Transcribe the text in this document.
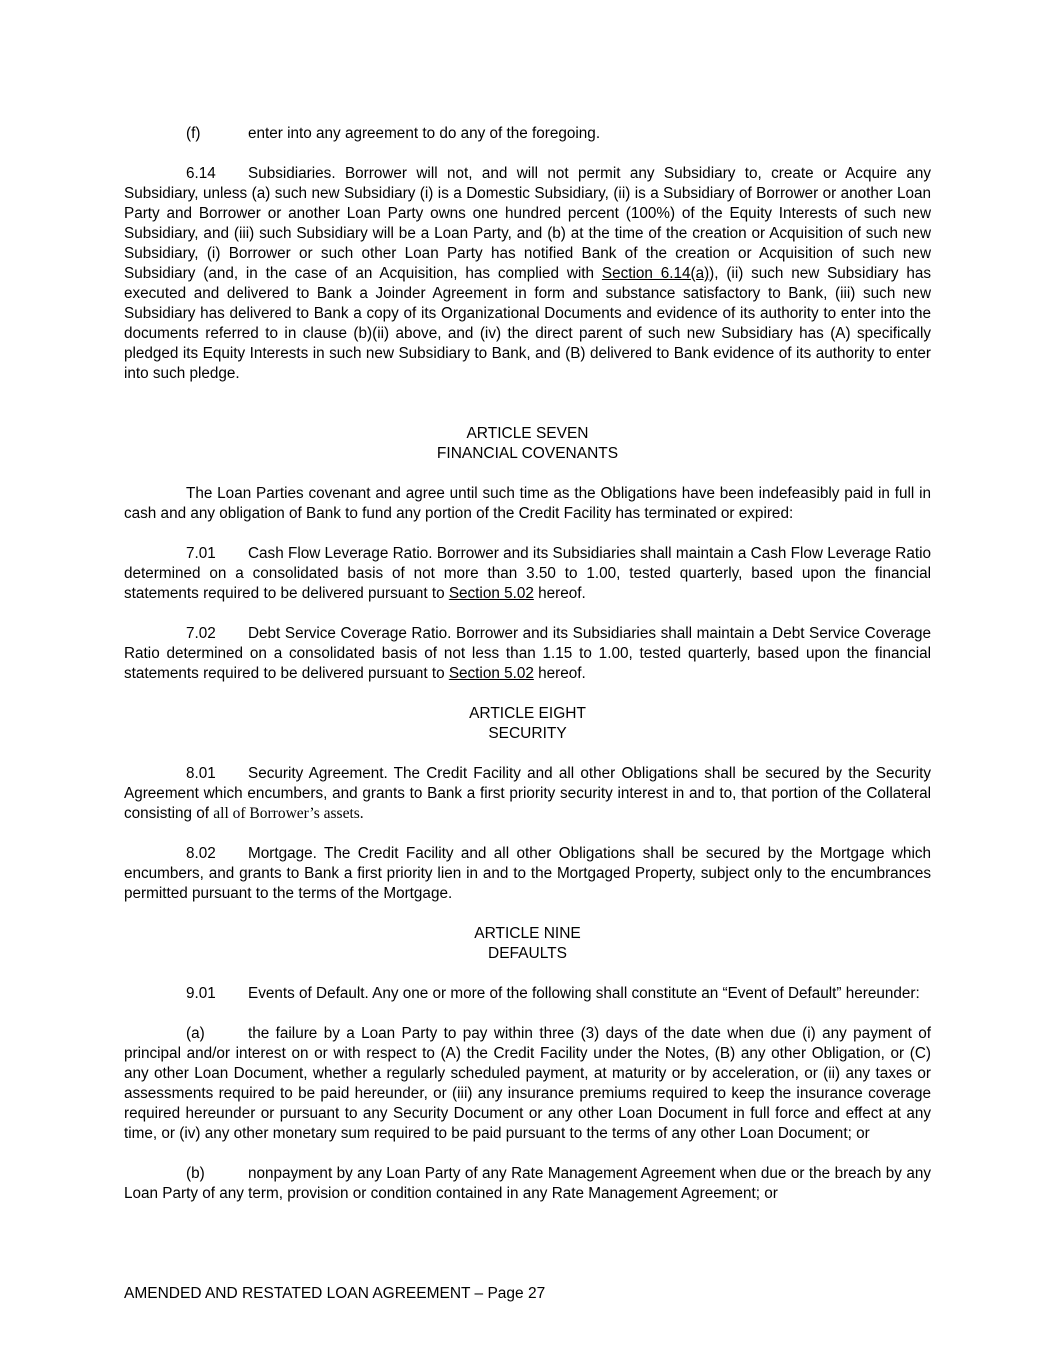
(f)	enter into any agreement to do any of the foregoing.

6.14 Subsidiaries. Borrower will not, and will not permit any Subsidiary to, create or Acquire any Subsidiary, unless (a) such new Subsidiary (i) is a Domestic Subsidiary, (ii) is a Subsidiary of Borrower or another Loan Party and Borrower or another Loan Party owns one hundred percent (100%) of the Equity Interests of such new Subsidiary, and (iii) such Subsidiary will be a Loan Party, and (b) at the time of the creation or Acquisition of such new Subsidiary, (i) Borrower or such other Loan Party has notified Bank of the creation or Acquisition of such new Subsidiary (and, in the case of an Acquisition, has complied with Section 6.14(a)), (ii) such new Subsidiary has executed and delivered to Bank a Joinder Agreement in form and substance satisfactory to Bank, (iii) such new Subsidiary has delivered to Bank a copy of its Organizational Documents and evidence of its authority to enter into the documents referred to in clause (b)(ii) above, and (iv) the direct parent of such new Subsidiary has (A) specifically pledged its Equity Interests in such new Subsidiary to Bank, and (B) delivered to Bank evidence of its authority to enter into such pledge.

ARTICLE SEVEN

FINANCIAL COVENANTS

The Loan Parties covenant and agree until such time as the Obligations have been indefeasibly paid in full in cash and any obligation of Bank to fund any portion of the Credit Facility has terminated or expired:

7.01 Cash Flow Leverage Ratio. Borrower and its Subsidiaries shall maintain a Cash Flow Leverage Ratio determined on a consolidated basis of not more than 3.50 to 1.00, tested quarterly, based upon the financial statements required to be delivered pursuant to Section 5.02 hereof.

7.02 Debt Service Coverage Ratio. Borrower and its Subsidiaries shall maintain a Debt Service Coverage Ratio determined on a consolidated basis of not less than 1.15 to 1.00, tested quarterly, based upon the financial statements required to be delivered pursuant to Section 5.02 hereof.

ARTICLE EIGHT

SECURITY

8.01 Security Agreement. The Credit Facility and all other Obligations shall be secured by the Security Agreement which encumbers, and grants to Bank a first priority security interest in and to, that portion of the Collateral consisting of all of Borrower’s assets.

8.02 Mortgage. The Credit Facility and all other Obligations shall be secured by the Mortgage which encumbers, and grants to Bank a first priority lien in and to the Mortgaged Property, subject only to the encumbrances permitted pursuant to the terms of the Mortgage.

ARTICLE NINE

DEFAULTS

9.01 Events of Default. Any one or more of the following shall constitute an “Event of Default” hereunder:

(a)	the failure by a Loan Party to pay within three (3) days of the date when due (i) any payment of principal and/or interest on or with respect to (A) the Credit Facility under the Notes, (B) any other Obligation, or (C) any other Loan Document, whether a regularly scheduled payment, at maturity or by acceleration, or (ii) any taxes or assessments required to be paid hereunder, or (iii) any insurance premiums required to keep the insurance coverage required hereunder or pursuant to any Security Document or any other Loan Document in full force and effect at any time, or (iv) any other monetary sum required to be paid pursuant to the terms of any other Loan Document; or

(b)	nonpayment by any Loan Party of any Rate Management Agreement when due or the breach by any Loan Party of any term, provision or condition contained in any Rate Management Agreement; or

AMENDED AND RESTATED LOAN AGREEMENT – Page 27
